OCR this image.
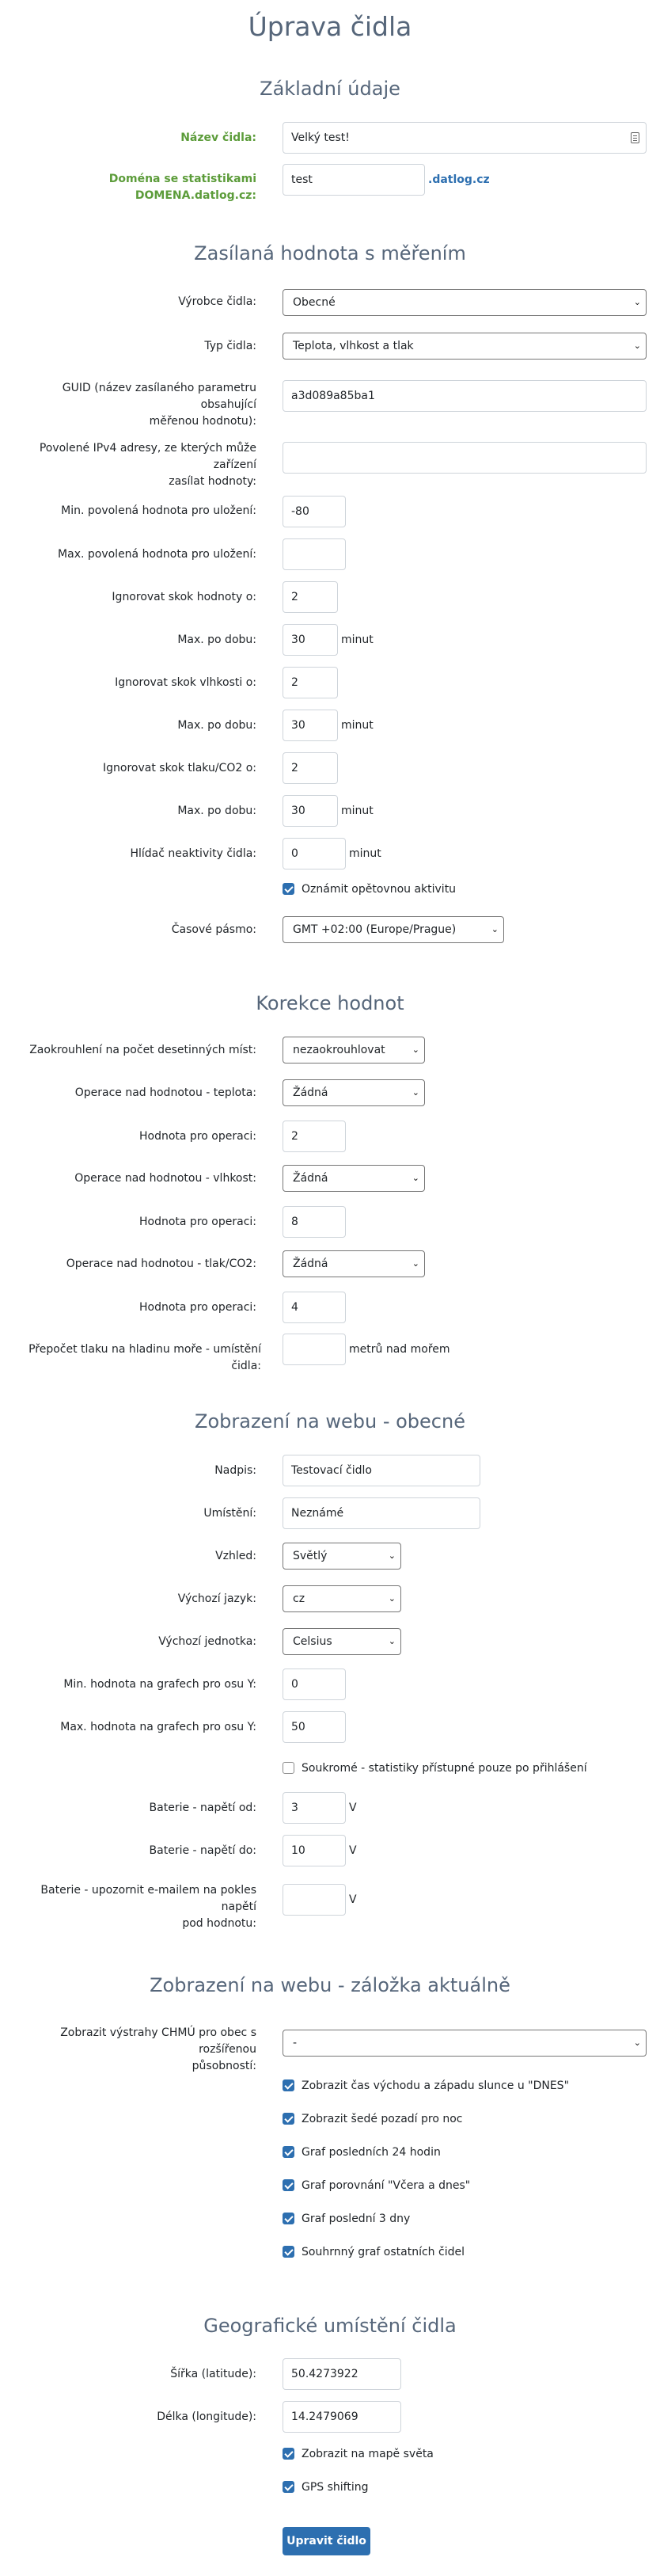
Úprava čidla
Základní údaje
Název čidla:	Velký test!
Doména se statistikami DOMENA.datlog.cz:
test	.datlog.cz
Zasílaná hodnota s měřením
Výrobce čidla:	Obecné	⌄
Typ čidla:	Teplota, vlhkost a tlak	⌄
GUID (název zasílaného parametru obsahující
měřenou hodnotu):
a3d089a85ba1
Povolené IPv4 adresy, ze kterých může zařízení
zasílat hodnoty:
Min. povolená hodnota pro uložení:	-80
Max. povolená hodnota pro uložení:
Ignorovat skok hodnoty o:	2
Max. po dobu:	30	minut
Ignorovat skok vlhkosti o:	2
Max. po dobu:	30	minut
Ignorovat skok tlaku/CO2 o:	2
Max. po dobu:	30	minut
Hlídač neaktivity čidla:	0	minut
Oznámit opětovnou aktivitu
Časové pásmo:	GMT +02:00 (Europe/Prague)	⌄
Korekce hodnot
Zaokrouhlení na počet desetinných míst:	nezaokrouhlovat	⌄
Operace nad hodnotou - teplota:	Žádná	⌄
Hodnota pro operaci:	2
Operace nad hodnotou - vlhkost:	Žádná	⌄
Hodnota pro operaci:	8
Operace nad hodnotou - tlak/CO2:	Žádná	⌄
Hodnota pro operaci:	4
Přepočet tlaku na hladinu moře - umístění čidla:
metrů nad mořem
Zobrazení na webu - obecné
Nadpis:	Testovací čidlo
Umístění:	Neznámé
Vzhled:	Světlý	⌄
Výchozí jazyk:	cz	⌄
Výchozí jednotka:	Celsius	⌄
Min. hodnota na grafech pro osu Y:	0
Max. hodnota na grafech pro osu Y:	50
Soukromé - statistiky přístupné pouze po přihlášení
Baterie - napětí od:	3	V
Baterie - napětí do:	10	V
Baterie - upozornit e-mailem na pokles napětí
pod hodnotu:
V
Zobrazení na webu - záložka aktuálně
Zobrazit výstrahy CHMÚ pro obec s rozšířenou
působností:
-	⌄
Zobrazit čas východu a západu slunce u "DNES"
Zobrazit šedé pozadí pro noc
Graf posledních 24 hodin
Graf porovnání "Včera a dnes"
Graf poslední 3 dny
Souhrnný graf ostatních čidel
Geografické umístění čidla
Šířka (latitude):	50.4273922
Délka (longitude):	14.2479069
Zobrazit na mapě světa
GPS shifting
Upravit čidlo
